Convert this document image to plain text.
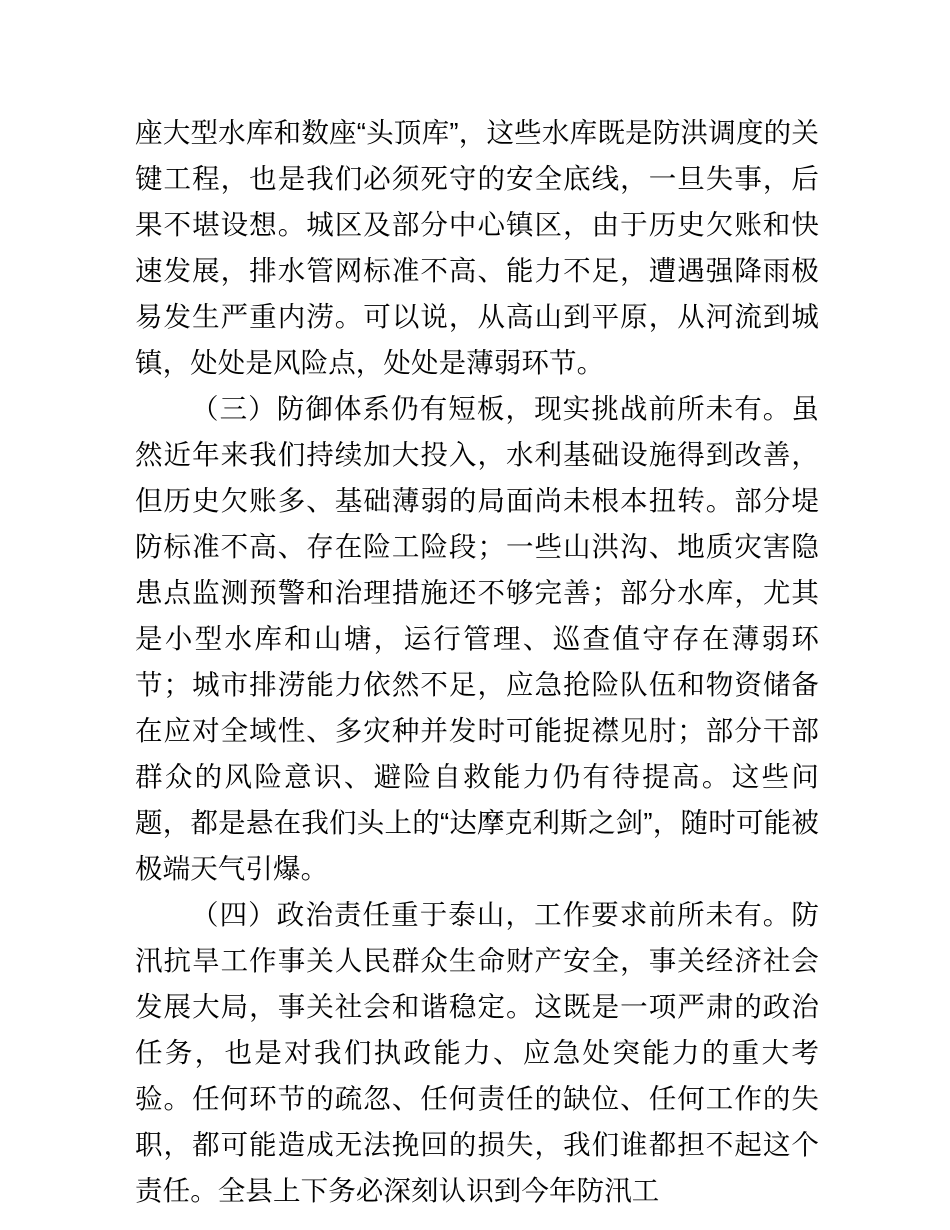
座大型水库和数座“头顶库”，这些水库既是防洪调度的关键工程，也是我们必须死守的安全底线，一旦失事，后果不堪设想。城区及部分中心镇区，由于历史欠账和快速发展，排水管网标准不高、能力不足，遭遇强降雨极易发生严重内涝。可以说，从高山到平原，从河流到城镇，处处是风险点，处处是薄弱环节。

（三）防御体系仍有短板，现实挑战前所未有。虽然近年来我们持续加大投入，水利基础设施得到改善，但历史欠账多、基础薄弱的局面尚未根本扭转。部分堤防标准不高、存在险工险段；一些山洪沟、地质灾害隐患点监测预警和治理措施还不够完善；部分水库，尤其是小型水库和山塘，运行管理、巡查值守存在薄弱环节；城市排涝能力依然不足，应急抢险队伍和物资储备在应对全域性、多灾种并发时可能捉襟见肘；部分干部群众的风险意识、避险自救能力仍有待提高。这些问题，都是悬在我们头上的“达摩克利斯之剑”，随时可能被极端天气引爆。

（四）政治责任重于泰山，工作要求前所未有。防汛抗旱工作事关人民群众生命财产安全，事关经济社会发展大局，事关社会和谐稳定。这既是一项严肃的政治任务，也是对我们执政能力、应急处突能力的重大考验。任何环节的疏忽、任何责任的缺位、任何工作的失职，都可能造成无法挽回的损失，我们谁都担不起这个责任。全县上下务必深刻认识到今年防汛工
